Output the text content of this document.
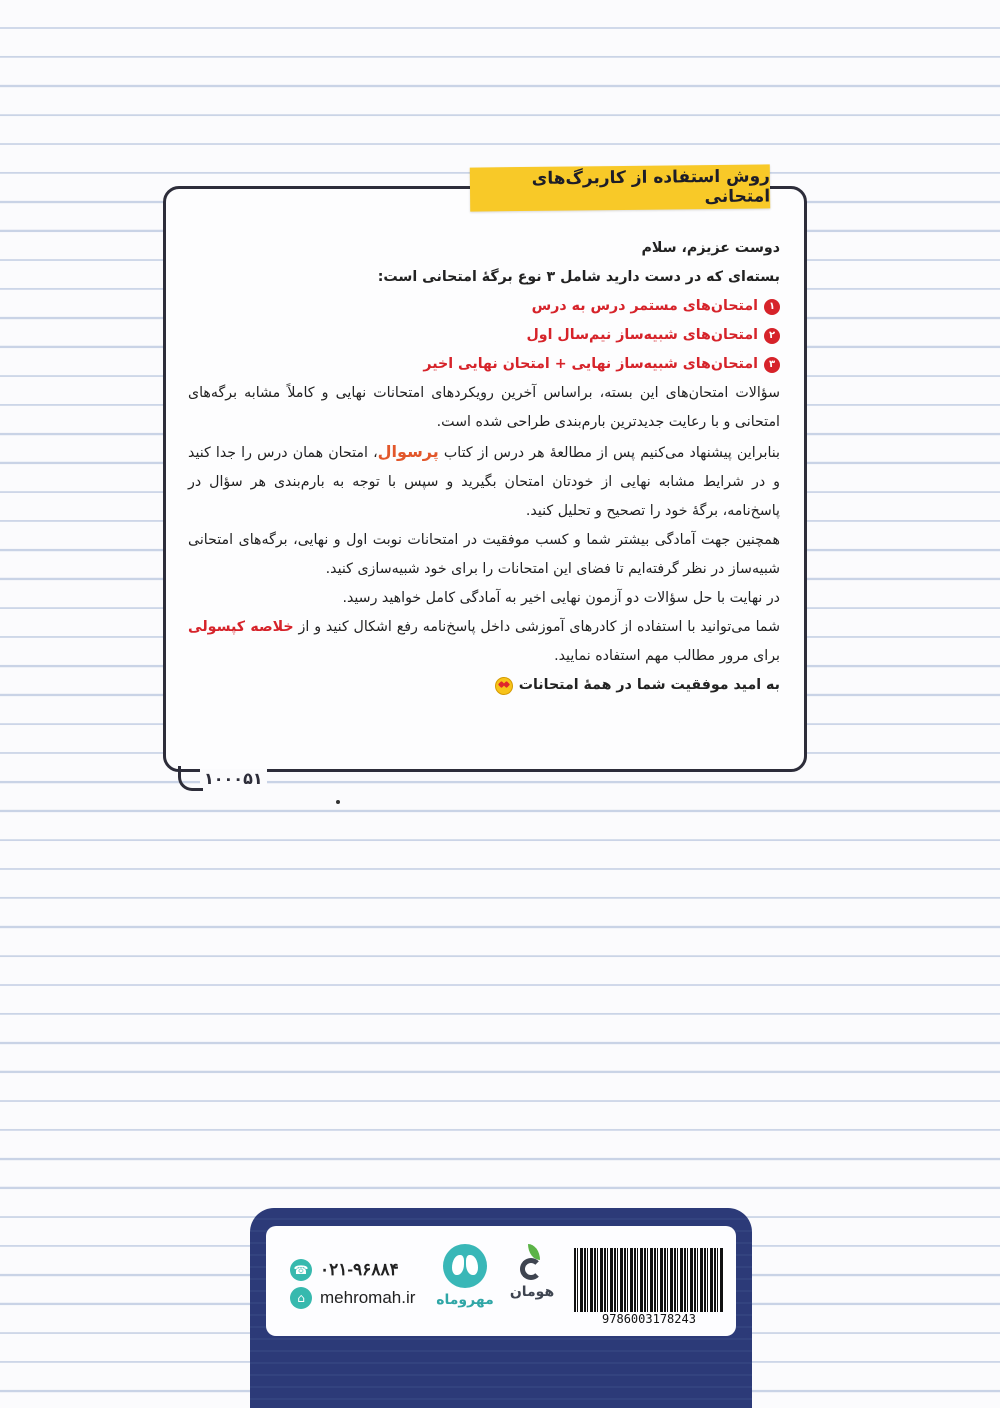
۱۰۰۰۵۱
روش استفاده از کاربرگ‌های امتحانی

دوست عزیزم، سلام

بسته‌ای که در دست دارید شامل ۳ نوع برگهٔ امتحانی است:

۱
امتحان‌های مستمر درس به درس

۲
امتحان‌های شبیه‌ساز نیم‌سال اول

۳
امتحان‌های شبیه‌ساز نهایی + امتحان نهایی اخیر

سؤالات امتحان‌های این بسته، براساس آخرین رویکردهای امتحانات نهایی و کاملاً مشابه برگه‌های امتحانی و با رعایت جدیدترین بارم‌بندی طراحی شده است.

بنابراین پیشنهاد می‌کنیم پس از مطالعهٔ هر درس از کتاب پرسوال، امتحان همان درس را جدا کنید و در شرایط مشابه نهایی از خودتان امتحان بگیرید و سپس با توجه به بارم‌بندی هر سؤال در پاسخ‌نامه، برگهٔ خود را تصحیح و تحلیل کنید.

همچنین جهت آمادگی بیشتر شما و کسب موفقیت در امتحانات نوبت اول و نهایی، برگه‌های امتحانی شبیه‌ساز در نظر گرفته‌ایم تا فضای این امتحانات را برای خود شبیه‌سازی کنید.

در نهایت با حل سؤالات دو آزمون نهایی اخیر به آمادگی کامل خواهید رسید.

شما می‌توانید با استفاده از کادرهای آموزشی داخل پاسخ‌نامه رفع اشکال کنید و از خلاصه کپسولی برای مرور مطالب مهم استفاده نمایید.

به امید موفقیت شما در همهٔ امتحانات

9786003178243
هومان
مهروماه
☎ ۰۲۱-۹۶۸۸۴
⌂ mehromah.ir
